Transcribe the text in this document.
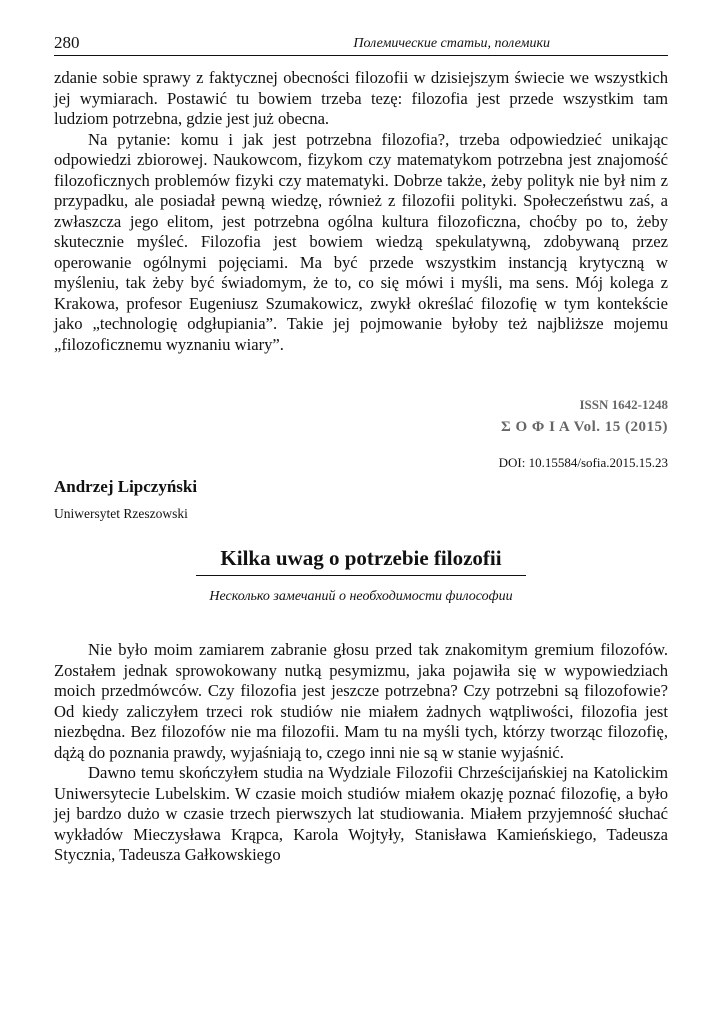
280	Полемические статьи, полемики

zdanie sobie sprawy z faktycznej obecności filozofii w dzisiejszym świecie we wszystkich jej wymiarach. Postawić tu bowiem trzeba tezę: filozofia jest przede wszystkim tam ludziom potrzebna, gdzie jest już obecna.

Na pytanie: komu i jak jest potrzebna filozofia?, trzeba odpowiedzieć unikając odpowiedzi zbiorowej. Naukowcom, fizykom czy matematykom potrzebna jest znajomość filozoficznych problemów fizyki czy matematyki. Dobrze także, żeby polityk nie był nim z przypadku, ale posiadał pewną wiedzę, również z filozofii polityki. Społeczeństwu zaś, a zwłaszcza jego elitom, jest potrzebna ogólna kultura filozoficzna, choćby po to, żeby skutecznie myśleć. Filozofia jest bowiem wiedzą spekulatywną, zdobywaną przez operowanie ogólnymi pojęciami. Ma być przede wszystkim instancją krytyczną w myśleniu, tak żeby być świadomym, że to, co się mówi i myśli, ma sens. Mój kolega z Krakowa, profesor Eugeniusz Szumakowicz, zwykł określać filozofię w tym kontekście jako „technologię odgłupiania”. Takie jej pojmowanie byłoby też najbliższe mojemu „filozoficznemu wyznaniu wiary”.

ISSN 1642-1248
Σ Ο Φ Ι Α Vol. 15 (2015)
DOI: 10.15584/sofia.2015.15.23
Andrzej Lipczyński
Uniwersytet Rzeszowski
Kilka uwag o potrzebie filozofii
Несколько замечаний о необходимости философии

Nie było moim zamiarem zabranie głosu przed tak znakomitym gremium filozofów. Zostałem jednak sprowokowany nutką pesymizmu, jaka pojawiła się w wypowiedziach moich przedmówców. Czy filozofia jest jeszcze potrzebna? Czy potrzebni są filozofowie? Od kiedy zaliczyłem trzeci rok studiów nie miałem żadnych wątpliwości, filozofia jest niezbędna. Bez filozofów nie ma filozofii. Mam tu na myśli tych, którzy tworząc filozofię, dążą do poznania prawdy, wyjaśniają to, czego inni nie są w stanie wyjaśnić.

Dawno temu skończyłem studia na Wydziale Filozofii Chrześcijańskiej na Katolickim Uniwersytecie Lubelskim. W czasie moich studiów miałem okazję poznać filozofię, a było jej bardzo dużo w czasie trzech pierwszych lat studiowania. Miałem przyjemność słuchać wykładów Mieczysława Krąpca, Karola Wojtyły, Stanisława Kamieńskiego, Tadeusza Stycznia, Tadeusza Gałkowskiego
